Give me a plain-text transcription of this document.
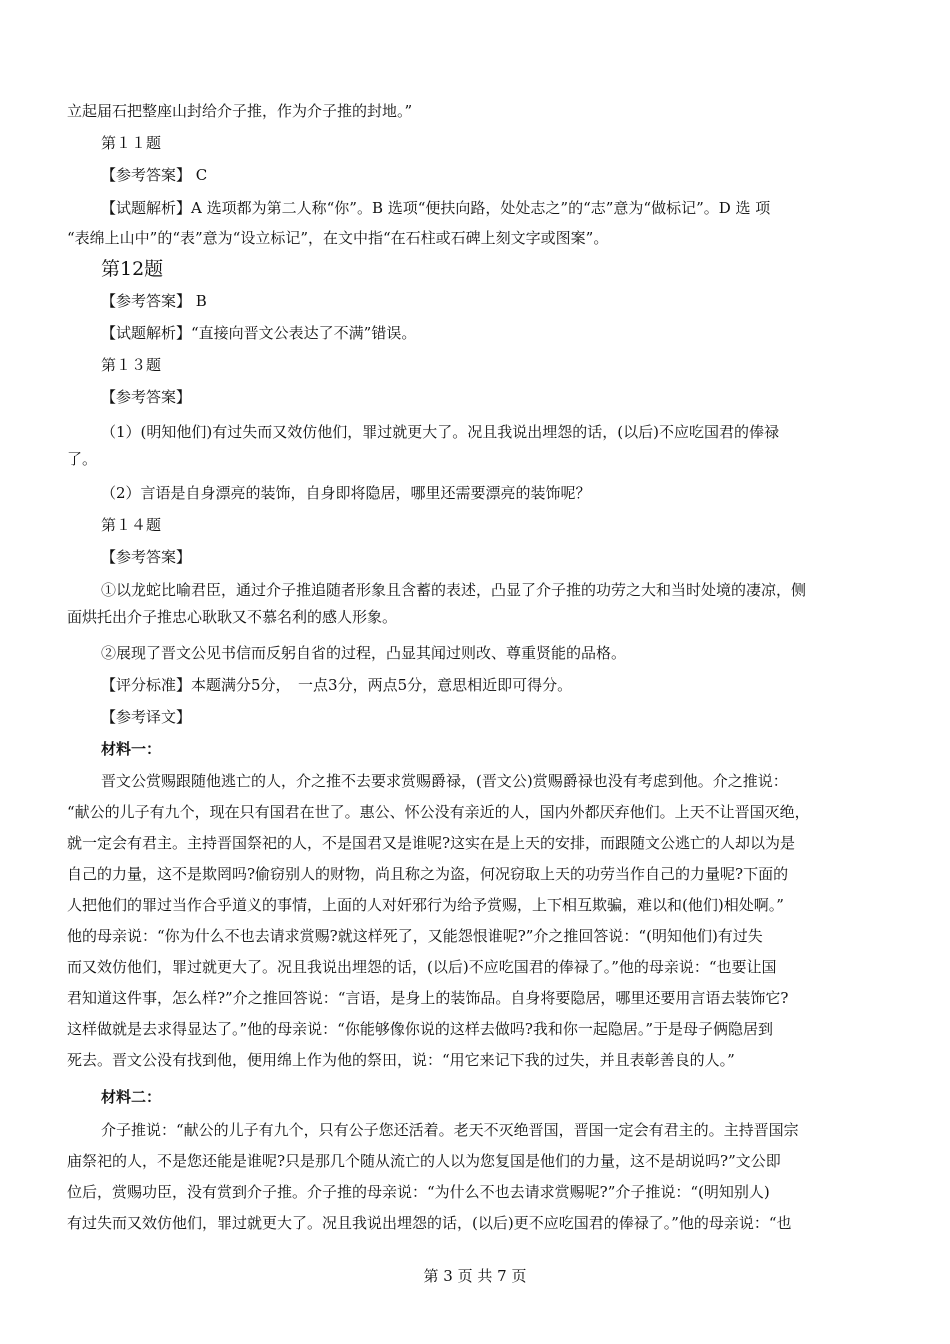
立起届石把整座山封给介子推，作为介子推的封地。”
第１１题
【参考答案】 C
【试题解析】A 选项都为第二人称“你”。B 选项“便扶向路，处处志之”的“志”意为“做标记”。D 选 项
“表绵上山中”的“表”意为“设立标记”，在文中指“在石柱或石碑上刻文字或图案”。
第12题
【参考答案】 B
【试题解析】“直接向晋文公表达了不满”错误。
第１３题
【参考答案】
（1）(明知他们)有过失而又效仿他们，罪过就更大了。况且我说出埋怨的话，(以后)不应吃国君的俸禄
了。
（2）言语是自身漂亮的装饰，自身即将隐居，哪里还需要漂亮的装饰呢？
第１４题
【参考答案】
①以龙蛇比喻君臣，通过介子推追随者形象且含蓄的表述，凸显了介子推的功劳之大和当时处境的凄凉，侧
面烘托出介子推忠心耿耿又不慕名利的感人形象。
②展现了晋文公见书信而反躬自省的过程，凸显其闻过则改、尊重贤能的品格。
【评分标准】本题满分5分，　一点3分，两点5分，意思相近即可得分。
【参考译文】
材料一：
晋文公赏赐跟随他逃亡的人，介之推不去要求赏赐爵禄，(晋文公)赏赐爵禄也没有考虑到他。介之推说：
“献公的儿子有九个，现在只有国君在世了。惠公、怀公没有亲近的人，国内外都厌弃他们。上天不让晋国灭绝，
就一定会有君主。主持晋国祭祀的人，不是国君又是谁呢?这实在是上天的安排，而跟随文公逃亡的人却以为是
自己的力量，这不是欺罔吗?偷窃别人的财物，尚且称之为盗，何况窃取上天的功劳当作自己的力量呢?下面的
人把他们的罪过当作合乎道义的事情，上面的人对奸邪行为给予赏赐，上下相互欺骗，难以和(他们)相处啊。”
他的母亲说：“你为什么不也去请求赏赐?就这样死了，又能怨恨谁呢?”介之推回答说：“(明知他们)有过失
而又效仿他们，罪过就更大了。况且我说出埋怨的话，(以后)不应吃国君的俸禄了。”他的母亲说：“也要让国
君知道这件事，怎么样?”介之推回答说：“言语，是身上的装饰品。自身将要隐居，哪里还要用言语去装饰它?
这样做就是去求得显达了。”他的母亲说：“你能够像你说的这样去做吗?我和你一起隐居。”于是母子俩隐居到
死去。晋文公没有找到他，便用绵上作为他的祭田，说：“用它来记下我的过失，并且表彰善良的人。”
材料二：
介子推说：“献公的儿子有九个，只有公子您还活着。老天不灭绝晋国，晋国一定会有君主的。主持晋国宗
庙祭祀的人，不是您还能是谁呢?只是那几个随从流亡的人以为您复国是他们的力量，这不是胡说吗?”文公即
位后，赏赐功臣，没有赏到介子推。介子推的母亲说：“为什么不也去请求赏赐呢?”介子推说：“(明知别人)
有过失而又效仿他们，罪过就更大了。况且我说出埋怨的话，(以后)更不应吃国君的俸禄了。”他的母亲说：“也
第 3 页 共 7 页
